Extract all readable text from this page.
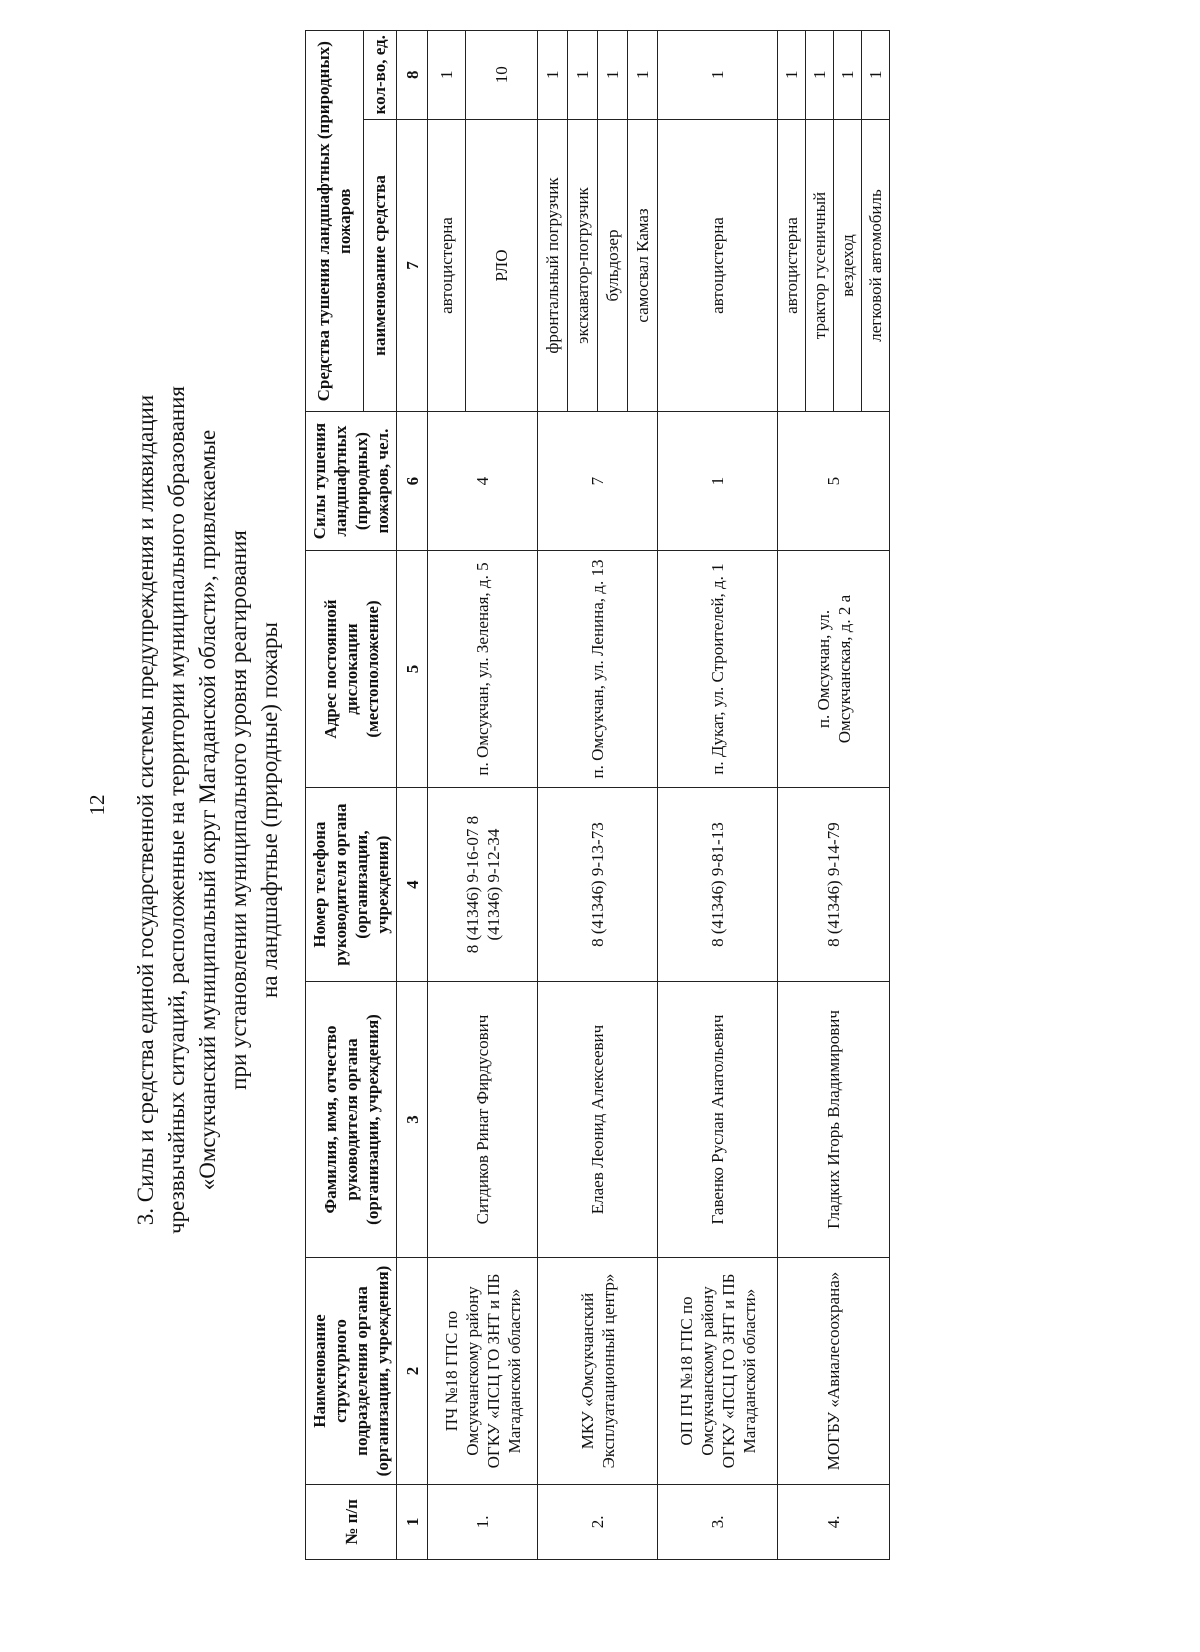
12 3. Силы и средства единой государственной системы предупреждения и ликвидации чрезвычайных ситуаций, расположенные на территории муниципального образования «Омсукчанский муниципальный округ Магаданской области», привлекаемые при установлении муниципального уровня реагирования на ландшафтные (природные) пожары
№ п/п	Наименование структурного подразделения органа (организации, учреждения)	Фамилия, имя, отчество руководителя органа (организации, учреждения)	Номер телефона руководителя органа (организации, учреждения)	Адрес постоянной дислокации (местоположение)	Силы тушения ландшафтных (природных) пожаров, чел.	Средства тушения ландшафтных (природных) пожаров	
						наименование средства	кол-во, ед.
1	2	3	4	5	6	7	8
1.	ПЧ №18 ГПС по Омсукчанскому району ОГКУ «ПСЦ ГО ЗНТ и ПБ Магаданской области»	Ситдиков Ринат Фирдусович	8 (41346) 9-16-07 8 (41346) 9-12-34	п. Омсукчан, ул. Зеленая, д. 5	4	автоцистерна	1
						РЛО	10
2.	МКУ «Омсукчанский Эксплуатационный центр»	Елаев Леонид Алексеевич	8 (41346) 9-13-73	п. Омсукчан, ул. Ленина, д. 13	7	фронтальный погрузчик	1
						экскаватор-погрузчик	1
						бульдозер	1
						самосвал Камаз	1
3.	ОП ПЧ №18 ГПС по Омсукчанскому району ОГКУ «ПСЦ ГО ЗНТ и ПБ Магаданской области»	Гавенко Руслан Анатольевич	8 (41346) 9-81-13	п. Дукат, ул. Строителей, д. 1	1	автоцистерна	1
4.	МОГБУ «Авиалесоохрана»	Гладких Игорь Владимирович	8 (41346) 9-14-79	п. Омсукчан, ул. Омсукчанская, д. 2 а	5	автоцистерна	1
						трактор гусеничный	1
						вездеход	1
						легковой автомобиль	1
